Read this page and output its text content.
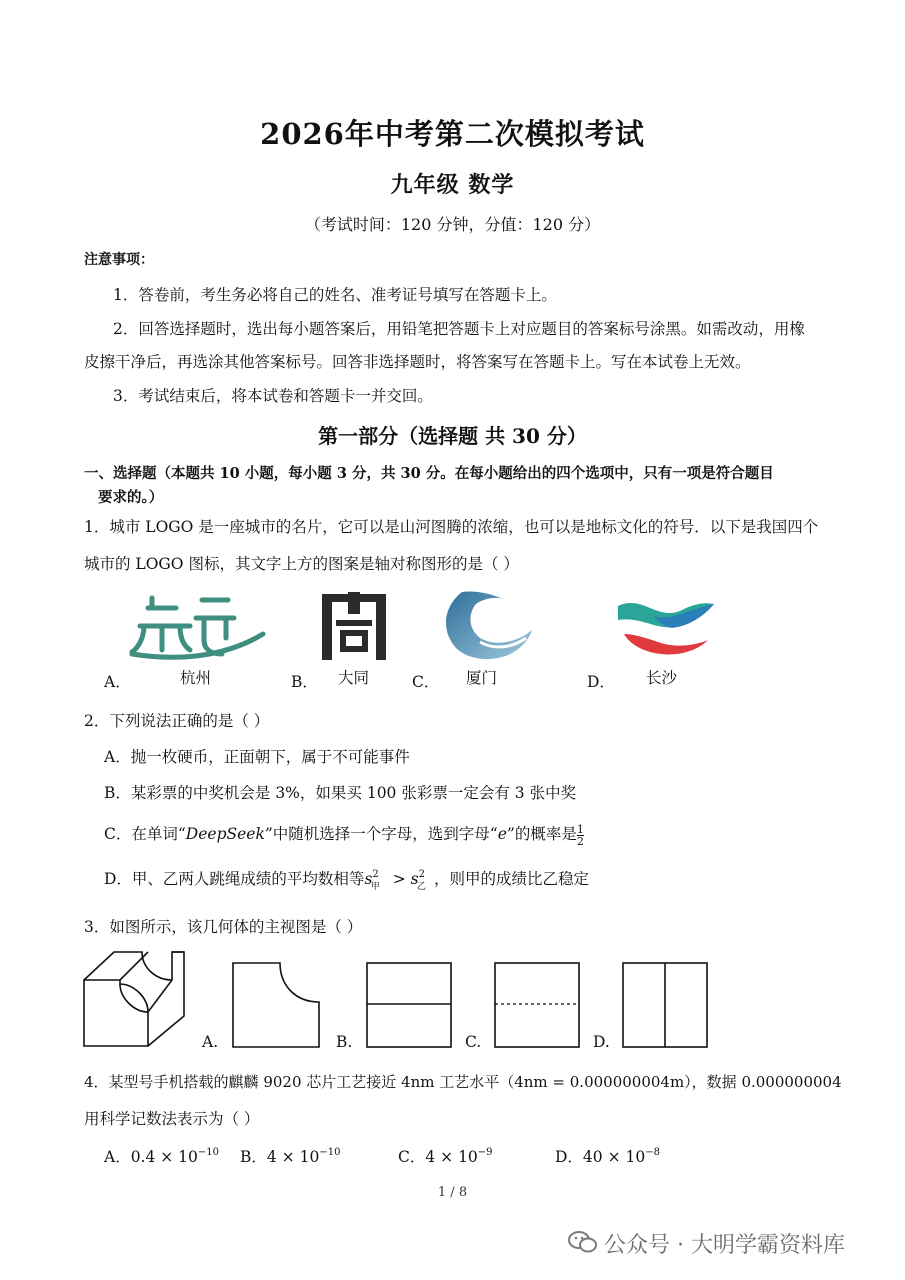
2026年中考第二次模拟考试
九年级 数学
（考试时间：120 分钟，分值：120 分）
注意事项：
1．答卷前，考生务必将自己的姓名、准考证号填写在答题卡上。
2．回答选择题时，选出每小题答案后，用铅笔把答题卡上对应题目的答案标号涂黑。如需改动，用橡
皮擦干净后，再选涂其他答案标号。回答非选择题时，将答案写在答题卡上。写在本试卷上无效。
3．考试结束后，将本试卷和答题卡一并交回。
第一部分（选择题 共 30 分）
一、选择题（本题共 10 小题，每小题 3 分，共 30 分。在每小题给出的四个选项中，只有一项是符合题目
要求的。）
1．城市 LOGO 是一座城市的名片，它可以是山河图腾的浓缩，也可以是地标文化的符号．以下是我国四个
城市的 LOGO 图标，其文字上方的图案是轴对称图形的是（ ）
A．	杭州	B． 大同	C． 厦门	D． 长沙
2．下列说法正确的是（ ）
A．抛一枚硬币，正面朝下，属于不可能事件
B．某彩票的中奖机会是 3%，如果买 100 张彩票一定会有 3 张中奖
C．在单词“DeepSeek”中随机选择一个字母，选到字母“e”的概率是 $\frac{1}{2}$
D．甲、乙两人跳绳成绩的平均数相等$s^2_甲 > s^2_乙$ ，则甲的成绩比乙稳定
3．如图所示，该几何体的主视图是（ ）
A.	B.	C.	D.
4．某型号手机搭载的麒麟 9020 芯片工艺接近 4nm 工艺水平（4nm = 0.000000004m），数据 0.000000004
用科学记数法表示为（ ）
A．$0.4 \times 10^{-10}$ B．$4 \times 10^{-10}$	C．$4 \times 10^{-9}$	D．$40 \times 10^{-8}$
1 / 8
公众号 · 大明学霸资料库
